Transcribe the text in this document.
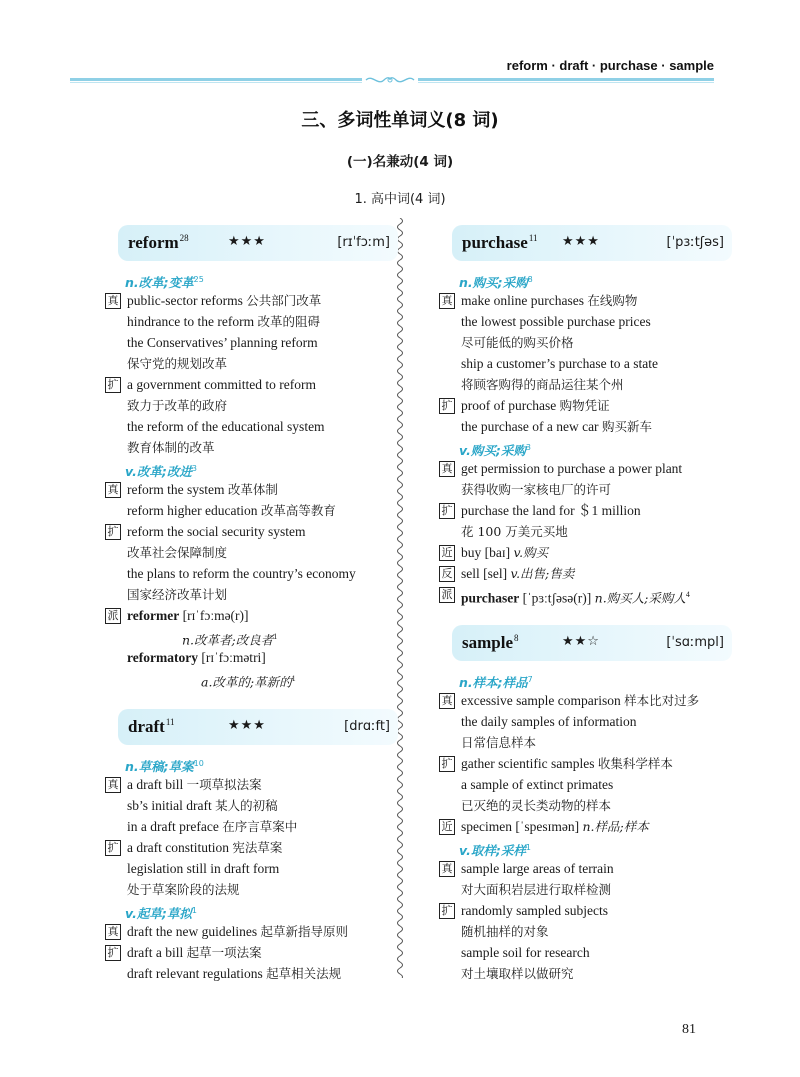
reform · draft · purchase · sample
三、多词性单词义(8 词)
(一)名兼动(4 词)
1. 高中词(4 词)
reform$^{28}$	★★★	[rɪˈfɔːm]
n.改革;变革$^{25}$
真 public-sector reforms 公共部门改革
hindrance to the reform 改革的阻碍
the Conservatives’ planning reform
保守党的规划改革
扩 a government committed to reform
致力于改革的政府
the reform of the educational system
教育体制的改革
v.改革;改进$^3$
真 reform the system 改革体制
reform higher education 改革高等教育
扩 reform the social security system
改革社会保障制度
the plans to reform the country’s economy
国家经济改革计划
派 reformer [rɪˈfɔːmə(r)]
n.改革者;改良者$^1$
reformatory [rɪˈfɔːmətri]
a.改革的;革新的$^1$
draft$^{11}$	★★★	[drɑːft]
n.草稿;草案$^{10}$
真 a draft bill 一项草拟法案
sb’s initial draft 某人的初稿
in a draft preface 在序言草案中
扩 a draft constitution 宪法草案
legislation still in draft form
处于草案阶段的法规
v.起草;草拟$^1$
真 draft the new guidelines 起草新指导原则
扩 draft a bill 起草一项法案
draft relevant regulations 起草相关法规
purchase$^{11}$ ★★★	[ˈpɜːtʃəs]
n.购买;采购$^8$
真 make online purchases 在线购物
the lowest possible purchase prices
尽可能低的购买价格
ship a customer’s purchase to a state
将顾客购得的商品运往某个州
扩 proof of purchase 购物凭证
the purchase of a new car 购买新车
v.购买;采购$^3$
真 get permission to purchase a power plant
获得收购一家核电厂的许可
扩 purchase the land for ＄1 million
花 100 万美元买地
近 buy [baɪ] v.购买
反 sell [sel] v.出售;售卖
派 purchaser [ˈpɜːtʃəsə(r)] n.购买人;采购人$^4$
sample$^8$	★★☆	[ˈsɑːmpl]
n.样本;样品$^7$
真 excessive sample comparison 样本比对过多
the daily samples of information
日常信息样本
扩 gather scientific samples 收集科学样本
a sample of extinct primates
已灭绝的灵长类动物的样本
近 specimen [ˈspesɪmən] n.样品;样本
v.取样;采样$^1$
真 sample large areas of terrain
对大面积岩层进行取样检测
扩 randomly sampled subjects
随机抽样的对象
sample soil for research
对土壤取样以做研究
81
